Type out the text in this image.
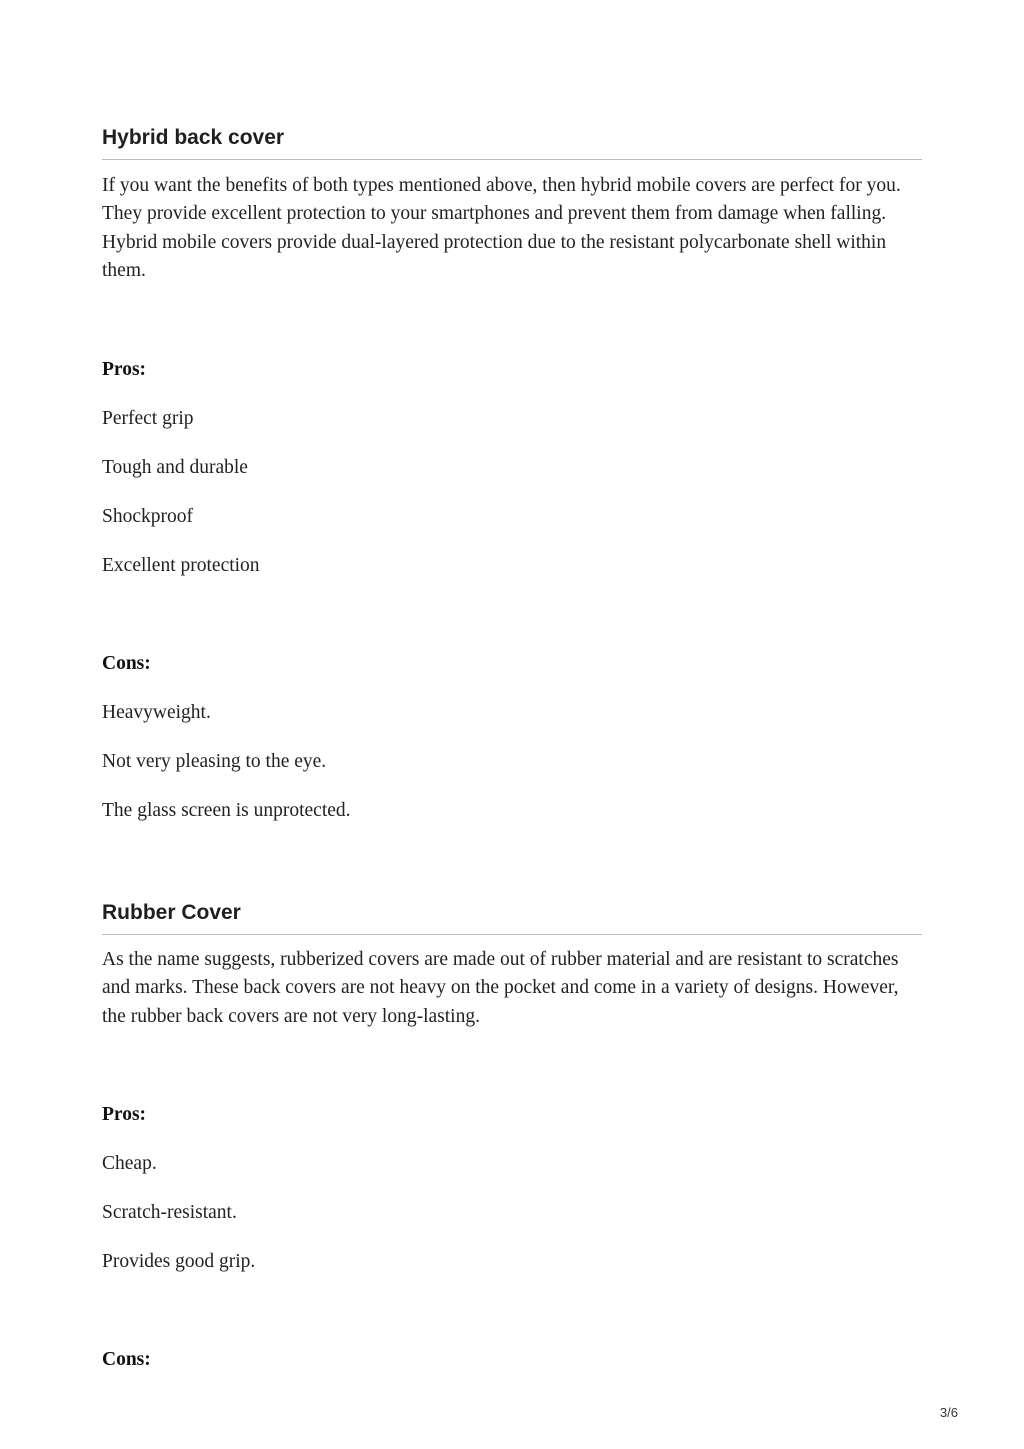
Hybrid back cover

If you want the benefits of both types mentioned above, then hybrid mobile covers are perfect for you. They provide excellent protection to your smartphones and prevent them from damage when falling. Hybrid mobile covers provide dual-layered protection due to the resistant polycarbonate shell within them.

Pros:

Perfect grip

Tough and durable

Shockproof

Excellent protection

Cons:

Heavyweight.

Not very pleasing to the eye.

The glass screen is unprotected.

Rubber Cover

As the name suggests, rubberized covers are made out of rubber material and are resistant to scratches and marks. These back covers are not heavy on the pocket and come in a variety of designs. However, the rubber back covers are not very long-lasting.

Pros:

Cheap.

Scratch-resistant.

Provides good grip.

Cons:

3/6
